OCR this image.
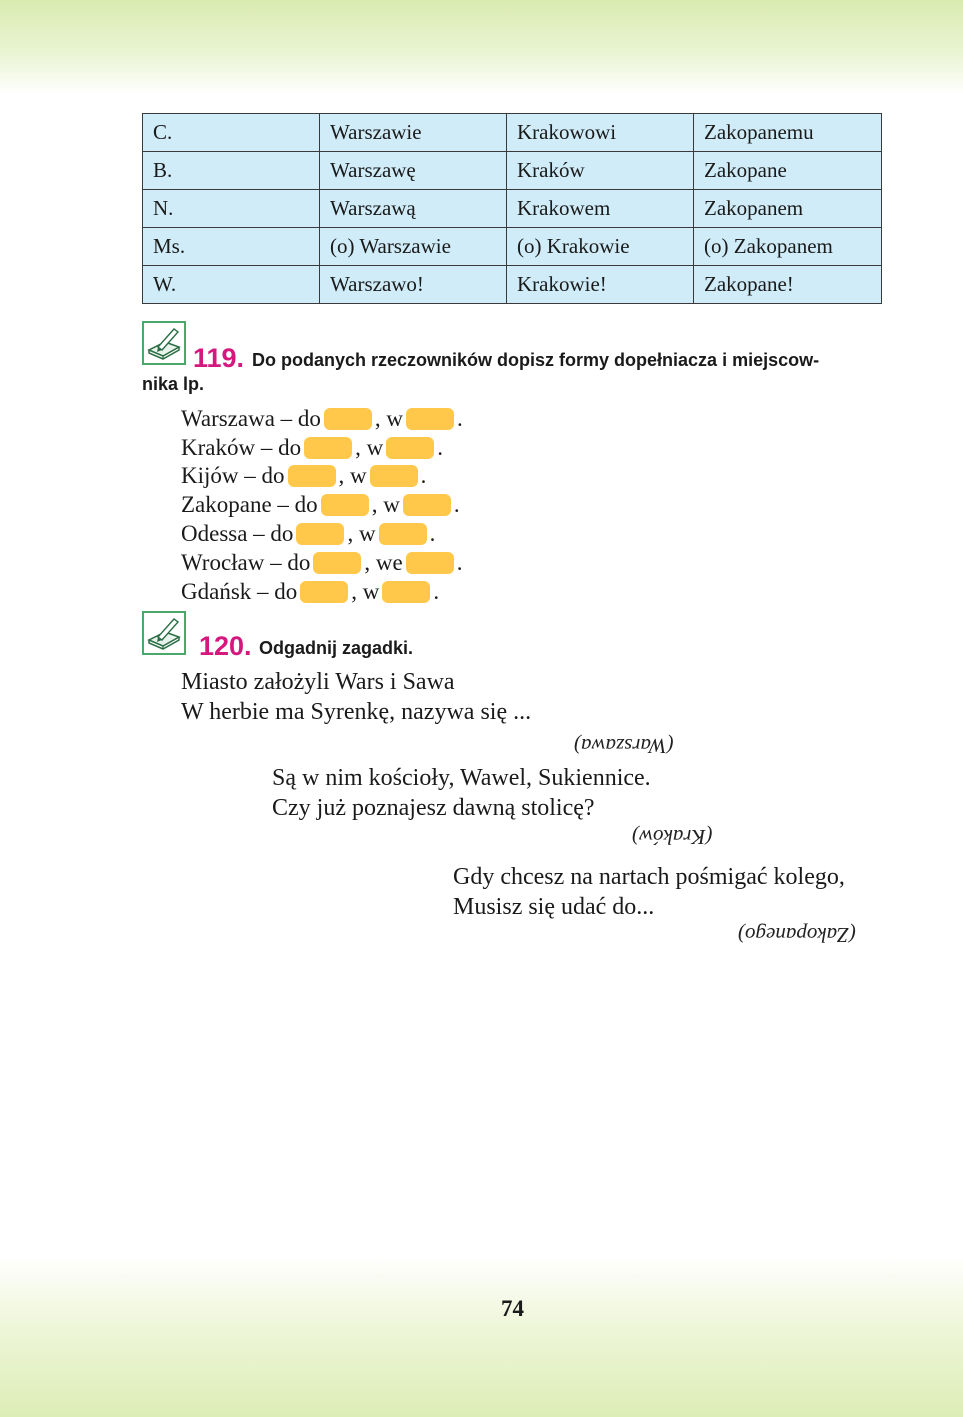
C.	Warszawie	Krakowowi	Zakopanemu
B.	Warszawę	Kraków	Zakopane
N.	Warszawą	Krakowem	Zakopanem
Ms.	(o) Warszawie	(o) Krakowie	(o) Zakopanem
W.	Warszawo!	Krakowie!	Zakopane!
119. Do podanych rzeczowników dopisz formy dopełniacza i miejscow-
nika lp.
Warszawa – do , w .
Kraków – do , w .
Kijów – do , w .
Zakopane – do , w .
Odessa – do , w .
Wrocław – do , we .
Gdańsk – do , w .
120. Odgadnij zagadki.
Miasto założyli Wars i Sawa
W herbie ma Syrenkę, nazywa się ...
(Warszawa)
Są w nim kościoły, Wawel, Sukiennice.
Czy już poznajesz dawną stolicę?
(Kraków)
Gdy chcesz na nartach pośmigać kolego,
Musisz się udać do...
(Zakopanego)
74
